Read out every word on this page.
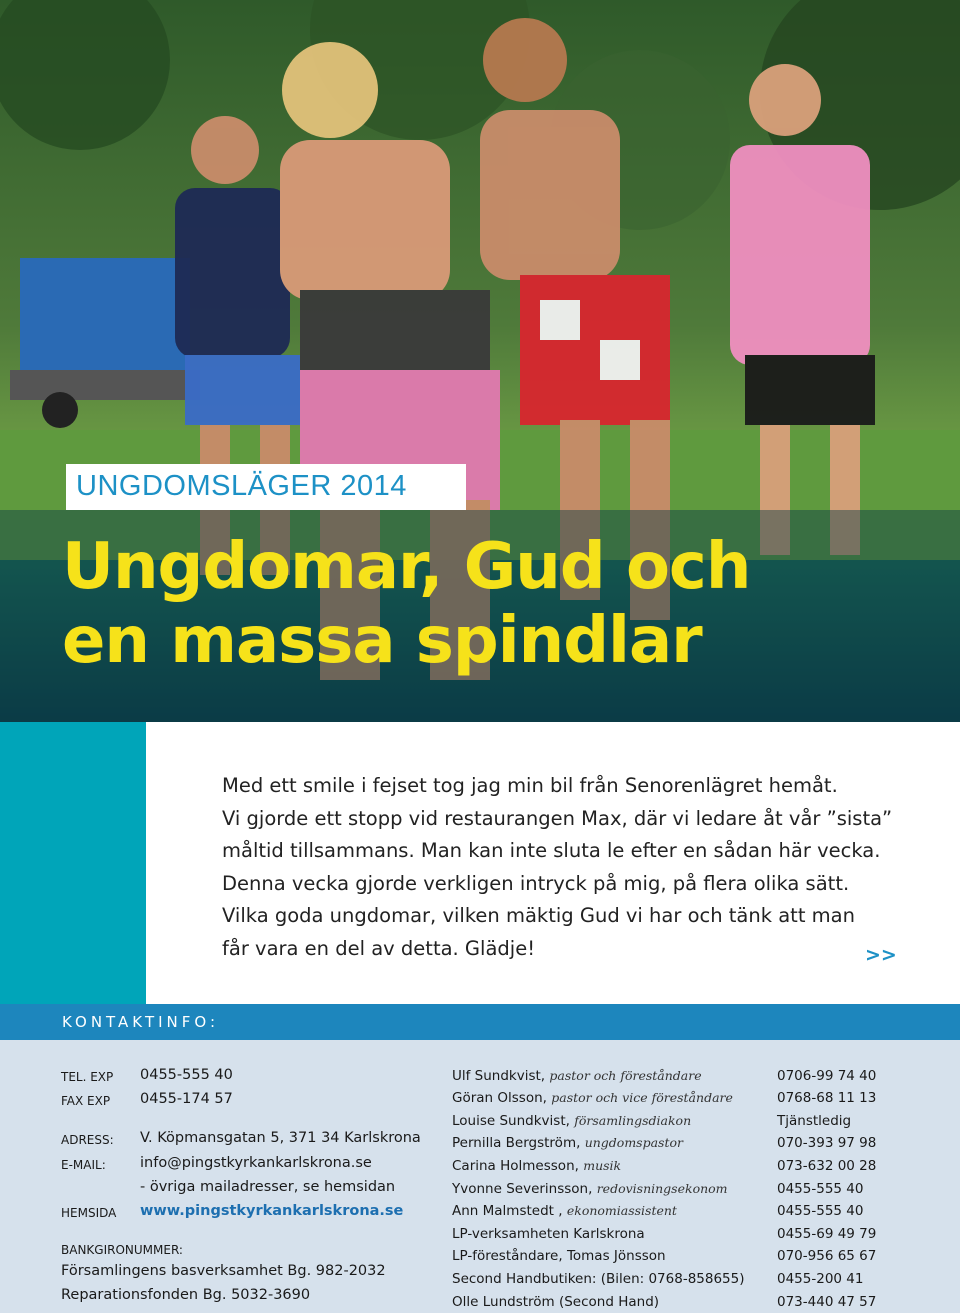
UNGDOMSLÄGER 2014
Ungdomar, Gud och
en massa spindlar
Med ett smile i fejset tog jag min bil från Senorenlägret hemåt.
Vi gjorde ett stopp vid restaurangen Max, där vi ledare åt vår ”sista”
måltid tillsammans. Man kan inte sluta le efter en sådan här vecka.
Denna vecka gjorde verkligen intryck på mig, på flera olika sätt.
Vilka goda ungdomar, vilken mäktig Gud vi har och tänk att man
får vara en del av detta. Glädje!	>>
KONTAKTINFO:
TEL. EXP 0455-555 40
FAX EXP 0455-174 57
ADRESS: V. Köpmansgatan 5, 371 34 Karlskrona
E-MAIL: info@pingstkyrkankarlskrona.se
- övriga mailadresser, se hemsidan
HEMSIDA www.pingstkyrkankarlskrona.se
BANKGIRONUMMER:
Församlingens basverksamhet Bg. 982-2032
Reparationsfonden Bg. 5032-3690
Ulf Sundkvist, pastor och föreståndare	0706-99 74 40
Göran Olsson, pastor och vice föreståndare	0768-68 11 13
Louise Sundkvist, församlingsdiakon	Tjänstledig
Pernilla Bergström, ungdomspastor	070-393 97 98
Carina Holmesson, musik	073-632 00 28
Yvonne Severinsson, redovisningsekonom	0455-555 40
Ann Malmstedt , ekonomiassistent	0455-555 40
LP-verksamheten Karlskrona	0455-69 49 79
LP-föreståndare, Tomas Jönsson	070-956 65 67
Second Handbutiken: (Bilen: 0768-858655) 0455-200 41
Olle Lundström (Second Hand)	073-440 47 57
